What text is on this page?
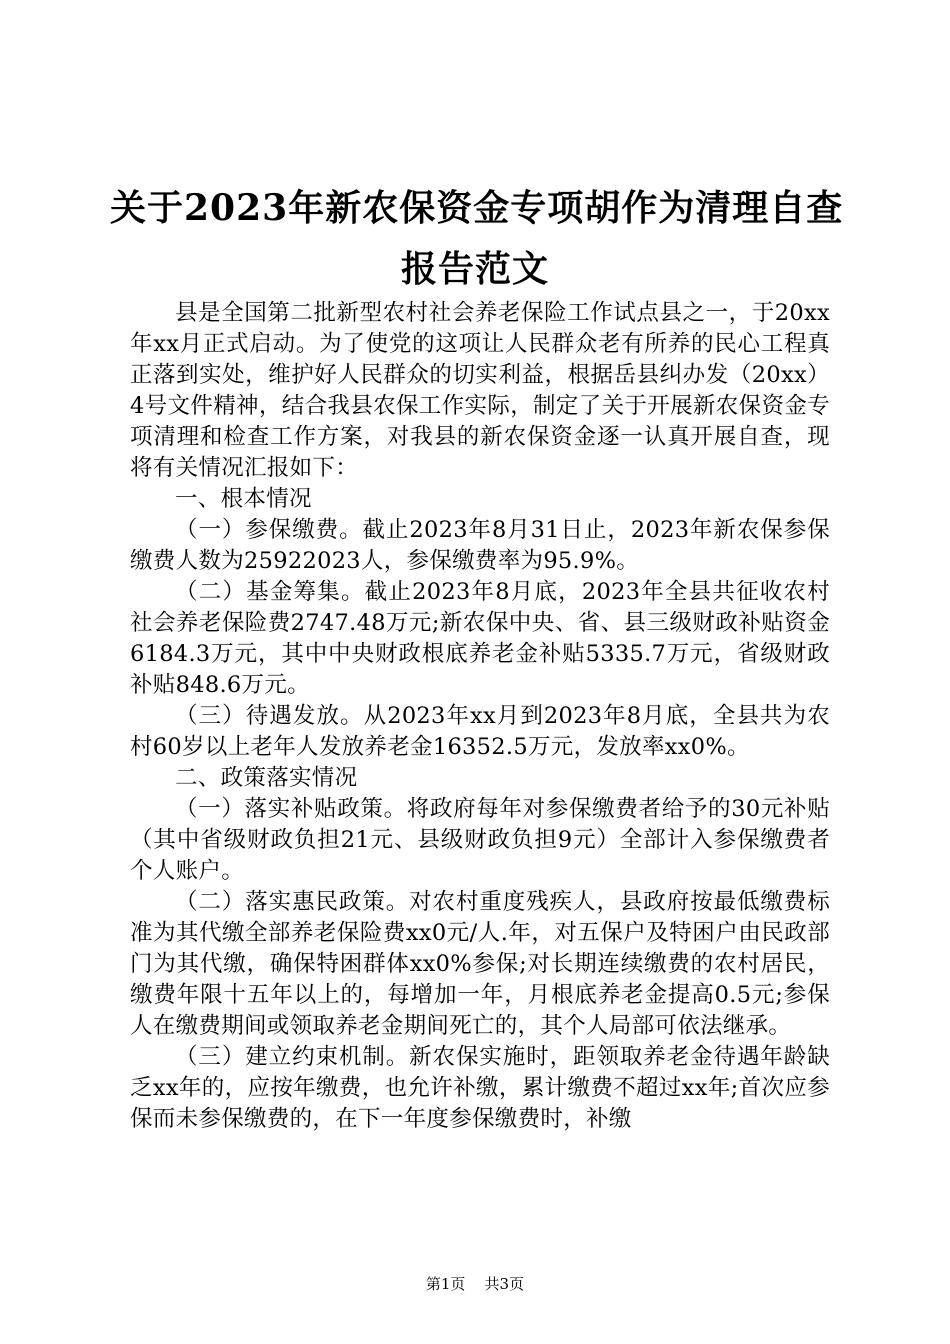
关于2023年新农保资金专项胡作为清理自查
报告范文

县是全国第二批新型农村社会养老保险工作试点县之一，于20xx年xx月正式启动。为了使党的这项让人民群众老有所养的民心工程真正落到实处，维护好人民群众的切实利益，根据岳县纠办发（20xx）4号文件精神，结合我县农保工作实际，制定了关于开展新农保资金专项清理和检查工作方案，对我县的新农保资金逐一认真开展自查，现将有关情况汇报如下：

一、根本情况

（一）参保缴费。截止2023年8月31日止，2023年新农保参保缴费人数为25922023人，参保缴费率为95.9%。

（二）基金筹集。截止2023年8月底，2023年全县共征收农村社会养老保险费2747.48万元;新农保中央、省、县三级财政补贴资金6184.3万元，其中中央财政根底养老金补贴5335.7万元，省级财政补贴848.6万元。

（三）待遇发放。从2023年xx月到2023年8月底，全县共为农村60岁以上老年人发放养老金16352.5万元，发放率xx0%。

二、政策落实情况

（一）落实补贴政策。将政府每年对参保缴费者给予的30元补贴（其中省级财政负担21元、县级财政负担9元）全部计入参保缴费者个人账户。

（二）落实惠民政策。对农村重度残疾人，县政府按最低缴费标准为其代缴全部养老保险费xx0元/人.年，对五保户及特困户由民政部门为其代缴，确保特困群体xx0%参保;对长期连续缴费的农村居民，缴费年限十五年以上的，每增加一年，月根底养老金提高0.5元;参保人在缴费期间或领取养老金期间死亡的，其个人局部可依法继承。

（三）建立约束机制。新农保实施时，距领取养老金待遇年龄缺乏xx年的，应按年缴费，也允许补缴，累计缴费不超过xx年;首次应参保而未参保缴费的，在下一年度参保缴费时，补缴

第1页 共3页
